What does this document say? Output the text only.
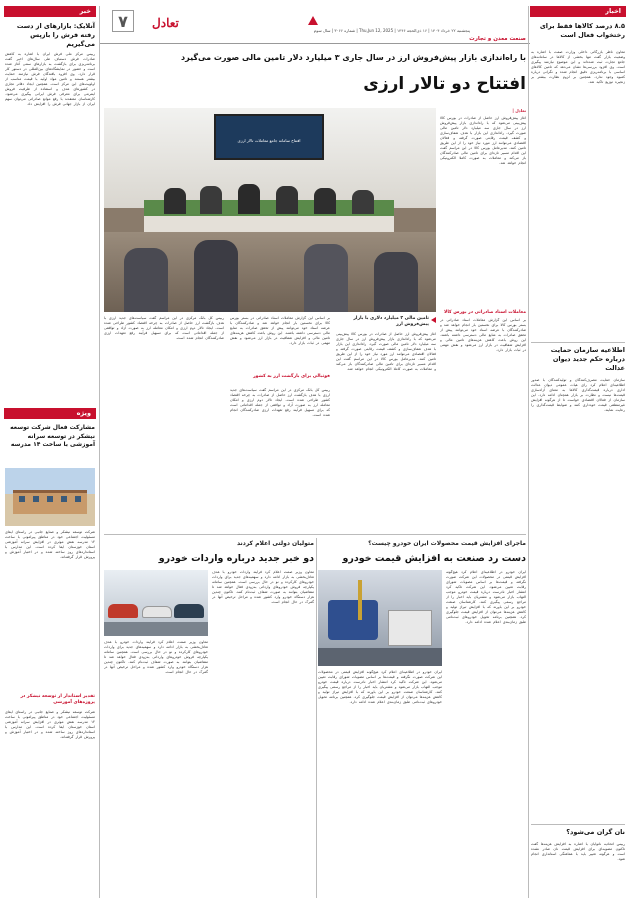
۷	تعادل
پنجشنبه ۲۲ خرداد ۱۴۰۴ | ۱۶ ذی‌الحجه ۱۴۴۶ | Thu,Jun 12, 2025 | شماره ۳۰۶۶ | سال سوم
صنعت معدن و تجارت
اخبار
۸.۵ درصد کالاها فقط برای رختخواب فعال است
معاون ناظر بازرگانی داخلی وزارت صمت با اشاره به وضعیت بازار گفت تنها بخشی از کالاها در سامانه‌های جامع تجارت ثبت شده‌اند و این موضوع نیازمند پیگیری است. وی افزود بررسی‌ها نشان می‌دهد که تامین کالاهای اساسی با برنامه‌ریزی دقیق انجام شده و نگرانی درباره کمبود وجود ندارد. همچنین بر لزوم نظارت بیشتر بر زنجیره توزیع تاکید شد.
اطلاعیه سازمان حمایت درباره حکم جدید دیوان عدالت
سازمان حمایت مصرف‌کنندگان و تولیدکنندگان با صدور اطلاعیه‌ای اعلام کرد رای هیات عمومی دیوان عدالت اداری درباره قیمت‌گذاری کالاها به معنای آزادسازی قیمت‌ها نیست و نظارت بر بازار همچنان ادامه دارد. این سازمان از فعالان اقتصادی خواست تا از هرگونه افزایش غیرمنطقی قیمت خودداری کنند و ضوابط قیمت‌گذاری را رعایت نمایند.
نان گران می‌شود؟
رییس اتحادیه نانوایان با اشاره به افزایش هزینه‌ها گفت تاکنون مصوبه‌ای برای افزایش قیمت نان صادر نشده است و هرگونه تغییر باید با هماهنگی استانداری انجام شود.
خبر
آنلایک: بازارهای از دست رفته فرش را بازپس می‌گیریم
رییس مرکز ملی فرش ایران با اشاره به کاهش صادرات فرش دستباف طی سال‌های اخیر گفت برنامه‌ریزی برای بازگشت به بازارهای سنتی آغاز شده است و حضور در نمایشگاه‌های بین‌المللی در دستور کار قرار دارد. وی افزود بافندگان فرش نیازمند حمایت بیشتر هستند و تامین مواد اولیه با قیمت مناسب از اولویت‌های این مرکز است. همچنین ایجاد دفاتر تجاری در کشورهای هدف و استفاده از ظرفیت فروش اینترنتی برای معرفی فرش ایرانی پیگیری می‌شود. کارشناسان معتقدند با رفع موانع صادراتی می‌توان سهم ایران از بازار جهانی فرش را افزایش داد.
ویژه
مشارکت فعال شرکت توسعه نیشکر در توسعه سرانه آموزشی با ساخت ۱۴ مدرسه
شرکت توسعه نیشکر و صنایع جانبی در راستای ایفای مسئولیت اجتماعی خود در مناطق پیرامونی با ساخت ۱۴ مدرسه نقش موثری در افزایش سرانه آموزشی استان خوزستان ایفا کرده است. این مدارس با استانداردهای روز ساخته شده و در اختیار آموزش و پرورش قرار گرفته‌اند.
تقدیر استاندار از توسعه نیشکر در پروژه‌های آموزشی
شرکت توسعه نیشکر و صنایع جانبی در راستای ایفای مسئولیت اجتماعی خود در مناطق پیرامونی با ساخت ۱۴ مدرسه نقش موثری در افزایش سرانه آموزشی استان خوزستان ایفا کرده است. این مدارس با استانداردهای روز ساخته شده و در اختیار آموزش و پرورش قرار گرفته‌اند.
با راه‌اندازی بازار پیش‌فروش ارز در سال جاری ۳ میلیارد دلار تامین مالی صورت می‌گیرد
افتتاح دو تالار ارزی
تعادل |
آغاز پیش‌فروش ارز حاصل از صادرات در بورس کالا پیش‌بینی می‌شود که با راه‌اندازی بازار پیش‌فروش ارز در سال جاری سه میلیارد دلار تامین مالی صورت گیرد. راه‌اندازی این بازار با هدف شفاف‌سازی و کشف قیمت رقابتی صورت گرفته و فعالان اقتصادی می‌توانند ارز مورد نیاز خود را از این طریق تامین کنند. مدیرعامل بورس کالا در این مراسم گفت این اقدام مسیر تازه‌ای برای تامین مالی صادرکنندگان باز می‌کند و معاملات به صورت کاملا الکترونیکی انجام خواهد شد.
معاملات اسناد صادراتی در بورس کالا
بر اساس این گزارش معاملات اسناد صادراتی در بستر بورس کالا برای نخستین بار انجام خواهد شد و صادرکنندگان با عرضه اسناد خود می‌توانند پیش از تحقق صادرات به منابع مالی دسترسی داشته باشند. این روش باعث کاهش هزینه‌های تامین مالی و افزایش شفافیت در بازار ارز می‌شود و نقش مهمی در ثبات بازار دارد.
افتتاح سامانه جامع معاملات تالار ارزی
تامین مالی ۳ میلیارد دلاری با بازار پیش‌فروش ارز
آغاز پیش‌فروش ارز حاصل از صادرات در بورس کالا پیش‌بینی می‌شود که با راه‌اندازی بازار پیش‌فروش ارز در سال جاری سه میلیارد دلار تامین مالی صورت گیرد. راه‌اندازی این بازار با هدف شفاف‌سازی و کشف قیمت رقابتی صورت گرفته و فعالان اقتصادی می‌توانند ارز مورد نیاز خود را از این طریق تامین کنند. مدیرعامل بورس کالا در این مراسم گفت این اقدام مسیر تازه‌ای برای تامین مالی صادرکنندگان باز می‌کند و معاملات به صورت کاملا الکترونیکی انجام خواهد شد.
بر اساس این گزارش معاملات اسناد صادراتی در بستر بورس کالا برای نخستین بار انجام خواهد شد و صادرکنندگان با عرضه اسناد خود می‌توانند پیش از تحقق صادرات به منابع مالی دسترسی داشته باشند. این روش باعث کاهش هزینه‌های تامین مالی و افزایش شفافیت در بازار ارز می‌شود و نقش مهمی در ثبات بازار دارد.
فوتبالی برای بازگشت ارز به کشور
رییس کل بانک مرکزی در این مراسم گفت سیاست‌های جدید ارزی با هدف بازگشت ارز حاصل از صادرات به چرخه اقتصاد کشور طراحی شده است. ایجاد تالار دوم ارزی و امکان معامله ارز به صورت آزاد و توافقی از جمله اقداماتی است که برای تسهیل فرآیند رفع تعهدات ارزی صادرکنندگان انجام شده است.
رییس کل بانک مرکزی در این مراسم گفت سیاست‌های جدید ارزی با هدف بازگشت ارز حاصل از صادرات به چرخه اقتصاد کشور طراحی شده است. ایجاد تالار دوم ارزی و امکان معامله ارز به صورت آزاد و توافقی از جمله اقداماتی است که برای تسهیل فرآیند رفع تعهدات ارزی صادرکنندگان انجام شده است.
ماجرای افزایش قیمت محصولات ایران خودرو چیست؟
دست رد صنعت به افزایش قیمت خودرو
ایران خودرو در اطلاعیه‌ای اعلام کرد هیچ‌گونه افزایش قیمتی در محصولات این شرکت صورت نگرفته و قیمت‌ها بر اساس مصوبات شورای رقابت تعیین می‌شود. این شرکت تاکید کرد انتشار اخبار نادرست درباره قیمت خودرو موجب التهاب بازار می‌شود و مشتریان باید اخبار را از مراجع رسمی پیگیری کنند. کارشناسان صنعت خودرو بر این باورند که با افزایش تیراژ تولید و کاهش هزینه‌ها می‌توان از افزایش قیمت جلوگیری کرد. همچنین برنامه تحویل خودروهای ثبت‌نامی طبق زمان‌بندی اعلام شده ادامه دارد.
ایران خودرو در اطلاعیه‌ای اعلام کرد هیچ‌گونه افزایش قیمتی در محصولات این شرکت صورت نگرفته و قیمت‌ها بر اساس مصوبات شورای رقابت تعیین می‌شود. این شرکت تاکید کرد انتشار اخبار نادرست درباره قیمت خودرو موجب التهاب بازار می‌شود و مشتریان باید اخبار را از مراجع رسمی پیگیری کنند. کارشناسان صنعت خودرو بر این باورند که با افزایش تیراژ تولید و کاهش هزینه‌ها می‌توان از افزایش قیمت جلوگیری کرد. همچنین برنامه تحویل خودروهای ثبت‌نامی طبق زمان‌بندی اعلام شده ادامه دارد.
متولیان دولتی اعلام کردند
دو خبر جدید درباره واردات خودرو
معاون وزیر صمت اعلام کرد فرآیند واردات خودرو با هدف تعادل‌بخشی به بازار ادامه دارد و سهمیه‌های جدید برای واردات خودروهای کارکرده و نو در حال بررسی است. همچنین سامانه یکپارچه فروش خودروهای وارداتی به‌زودی فعال خواهد شد تا متقاضیان بتوانند به صورت شفاف ثبت‌نام کنند. تاکنون چندین هزار دستگاه خودرو وارد کشور شده و مراحل ترخیص آنها در گمرک در حال انجام است.
معاون وزیر صمت اعلام کرد فرآیند واردات خودرو با هدف تعادل‌بخشی به بازار ادامه دارد و سهمیه‌های جدید برای واردات خودروهای کارکرده و نو در حال بررسی است. همچنین سامانه یکپارچه فروش خودروهای وارداتی به‌زودی فعال خواهد شد تا متقاضیان بتوانند به صورت شفاف ثبت‌نام کنند. تاکنون چندین هزار دستگاه خودرو وارد کشور شده و مراحل ترخیص آنها در گمرک در حال انجام است.
